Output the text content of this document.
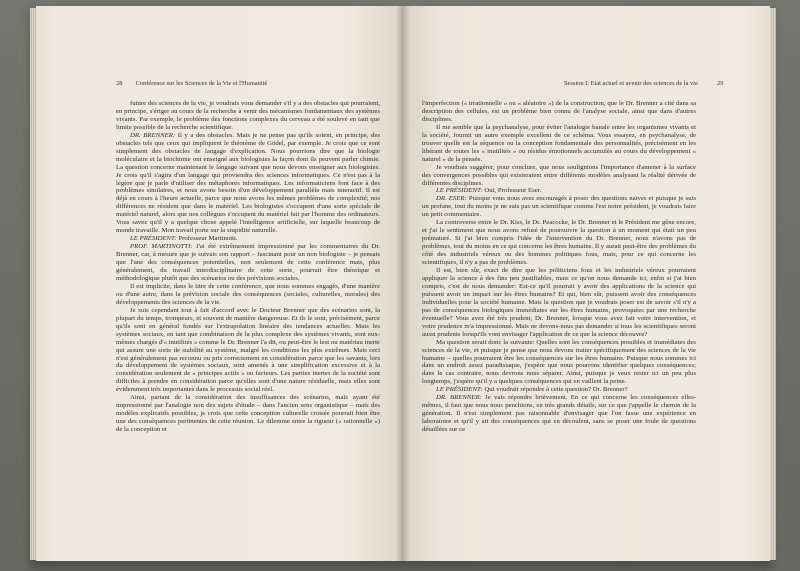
28 Conférence sur les Sciences de la Vie et l'Humanité

future des sciences de la vie, je voudrais vous demander s'il y a des obstacles qui pourraient, en principe, s'ériger au cours de la recherche à venir des mécanismes fondamentaux des systèmes vivants. Par exemple, le problème des fonctions complexes du cerveau a été soulevé en tant que limite possible de la recherche scientifique.

DR. BRENNER: Il y a des obstacles. Mais je ne pense pas qu'ils soient, en principe, des obstacles tels que ceux qui impliquent le théorème de Gödel, par exemple. Je crois que ce sont simplement des obstacles de langage d'explication. Nous pourrions dire que la biologie moléculaire et la biochimie ont enseigné aux biologistes la façon dont ils peuvent parler chimie. La question concerne maintenant le langage suivant que nous devons enseigner aux biologistes. Je crois qu'il s'agira d'un langage qui proviendra des sciences informatiques. Ce n'est pas à la légère que je parle d'utiliser des métaphores informatiques. Les informaticiens font face à des problèmes similaires, et nous avons besoin d'un développement parallèle mais interactif. Il est déjà en cours à l'heure actuelle, parce que nous avons les mêmes problèmes de complexité; nos différences ne résident que dans le matériel. Les biologistes s'occupent d'une sorte spéciale de matériel naturel, alors que nos collègues s'occupent du matériel fait par l'homme des ordinateurs. Vous savez qu'il y a quelque chose appelé l'intelligence artificielle, sur laquelle beaucoup de monde travaille. Mon travail porte sur la stupidité naturelle.

LE PRÉSIDENT: Professeur Martinotti.

PROF. MARTINOTTI: J'ai été extrêmement impressionné par les commentaires du Dr. Brenner, car, à mesure que je suivais son rapport – fascinant pour un non biologiste – je pensais que l'une des conséquences potentielles, non seulement de cette conférence mais, plus généralement, du travail interdisciplinaire de cette sorte, pourrait être théorique et méthodologique plutôt que des scénarios ou des prévisions sociales.

Il est implicite, dans le titre de cette conférence, que nous sommes engagés, d'une manière ou d'une autre, dans la prévision sociale des conséquences (sociales, culturelles, morales) des développements des sciences de la vie.

Je suis cependant tout à fait d'accord avec le Docteur Brenner que des scénarios sont, la plupart du temps, trompeurs, et souvent de manière dangereuse. Et ils le sont, précisément, parce qu'ils sont en général fondés sur l'extrapolation linéaire des tendances actuelles. Mais les systèmes sociaux, en tant que combinaison de la plus complexe des systèmes vivants, sont eux-mêmes chargés d'« inutilités » comme le Dr. Brenner l'a dit, ou peut-être le lest ou matériau inerte qui assure une sorte de stabilité au système, malgré les conditions les plus extrêmes. Mais ceci n'est généralement pas reconnu ou pris correctement en considération parce que les savants, lors du développement de systèmes sociaux, sont amenés à une simplification excessive et à la considération seulement de « principes actifs » ou facteurs. Les parties inertes de la société sont difficiles à prendre en considération parce qu'elles sont d'une nature résiduelle, mais elles sont évidemment très importantes dans le processus social réel.

Ainsi, partant de la considération des insuffisances des scénarios, mais ayant été impressionné par l'analogie non des sujets d'étude – dans l'ancien sens organistique – mais des modèles explicatifs possibles, je crois que cette conception culturelle croisée pourrait bien être une des conséquences pertinentes de cette réunion. Le dilemme entre la rigueur (« rationnelle ») de la conception et

Session I: Etat actuel et avenir des sciences de la vie	29

l'imperfection (« irrationnelle » ou « aléatoire ») de la construction, que le Dr. Brenner a cité dans sa description des cellules, est un problème bien connu de l'analyse sociale, ainsi que dans d'autres disciplines.

Il me semble que la psychanalyse, pour éviter l'analogie banale entre les organismes vivants et la société, fournit un autre exemple excellent de ce schéma. Vous essayez, en psychanalyse, de trouver quelle est la séquence ou la conception fondamentale des personnalités, précisément en les libérant de toutes les « inutilités » ou résidus émotionnels accumulés au cours du développement « naturel » de la pensée.

Je voudrais suggérer, pour conclure, que nous soulignions l'importance d'amener à la surface des convergences possibles qui existeraient entre différents modèles analysant la réalité dérivée de différentes disciplines.

LE PRÉSIDENT: Oui, Professeur Eser.

DR. ESER: Puisque vous nous avez encouragés à poser des questions naïves et puisque je suis un profane, tout du moins je ne suis pas un scientifique comme l'est notre président, je voudrais faire un petit commentaire.

La controverse entre le Dr. Kiss, le Dr. Peacocke, le Dr. Brenner et le Président me gêne encore, et j'ai le sentiment que nous avons refusé de poursuivre la question à un moment qui était un peu prématuré. Si j'ai bien compris l'idée de l'intervention du Dr. Brenner, nous n'avons pas de problèmes, tout du moins en ce qui concerne les êtres humains. Il y aurait peut-être des problèmes du côté des industriels véreux ou des hommes politiques fous, mais, pour ce qui concerne les scientifiques, il n'y a pas de problèmes.

Il est, bien sûr, exact de dire que les politiciens fous et les industriels véreux pourraient appliquer la science à des fins peu justifiables, mais ce qu'on nous demande ici, enfin si j'ai bien compris, c'est de nous demander: Est-ce qu'il pourrait y avoir des applications de la science qui puissent avoir un impact sur les êtres humains? Et qui, bien sûr, puissent avoir des conséquences individuelles pour la société humaine. Mais la question que je voudrais poser est de savoir s'il n'y a pas de conséquences biologiques immédiates sur les êtres humains, provoquées par une recherche éventuelle? Vous avez été très prudent, Dr. Brenner, lorsque vous avez fait votre intervention, et votre prudence m'a impressionné. Mais ne devons-nous pas demander si tous les scientifiques seront aussi prudents lorsqu'ils vont envisager l'application de ce que la science découvre?

Ma question serait donc la suivante: Quelles sont les conséquences possibles et immédiates des sciences de la vie, et puisque je pense que nous devons traiter spécifiquement des sciences de la vie humaine – quelles pourraient être les conséquences sur les êtres humains. Puisque nous sommes ici dans un endroit assez paradisiaque, j'espère que nous pourrons identifier quelques conséquences; dans le cas contraire, nous devrons nous séparer. Ainsi, puisque je veux rester ici un peu plus longtemps, j'espère qu'il y a quelques conséquences qui en vaillent la peine.

LE PRÉSIDENT: Qui voudrait répondre à cette question? Dr. Brenner?

DR. BRENNER: Je vais répondre brièvement. En ce qui concerne les conséquences elles-mêmes, il faut que nous nous penchions, en très grands détails, sur ce que j'appelle le chemin de la génération. Il n'est simplement pas raisonnable d'envisager que l'on fasse une expérience en laboratoire et qu'il y ait des conséquences qui en découlent, sans se poser une foule de questions détaillées sur ce
